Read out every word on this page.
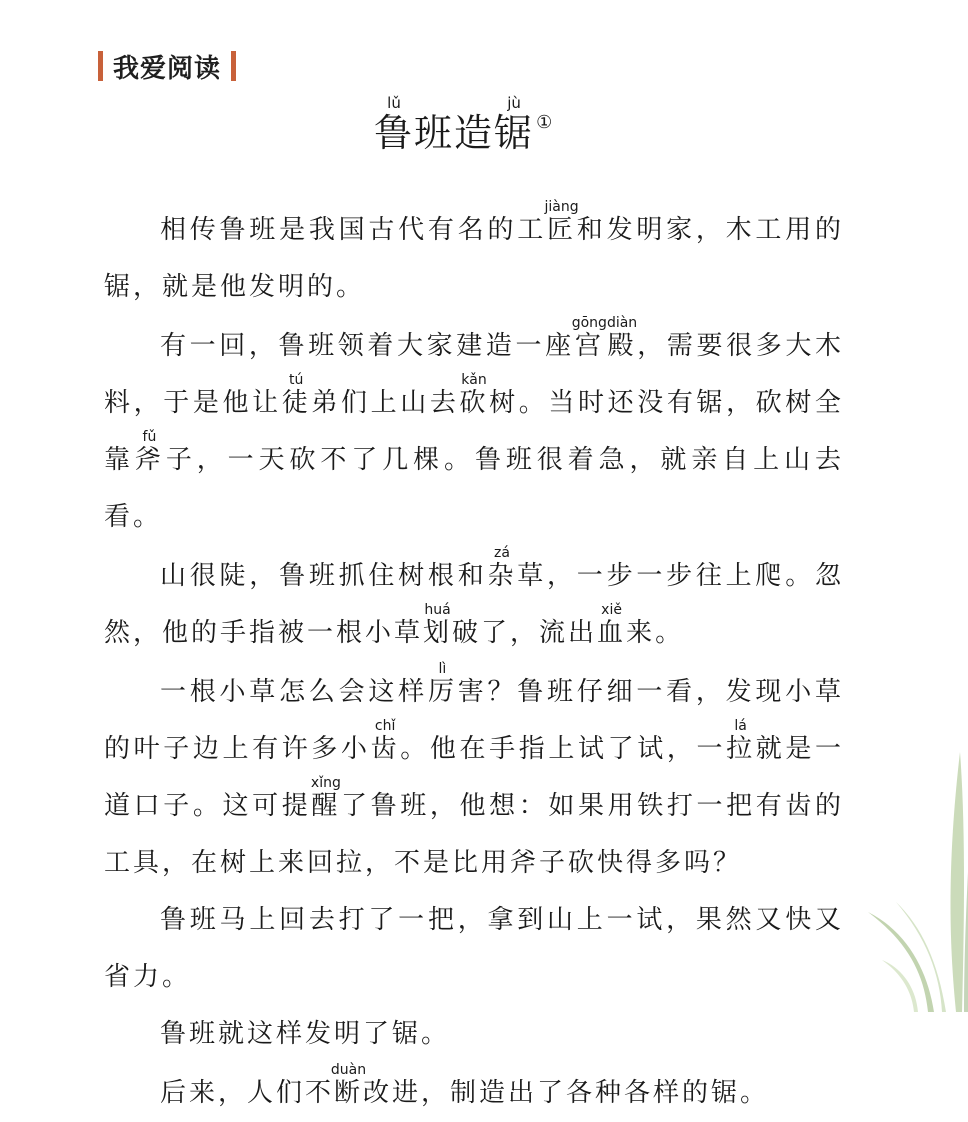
我爱阅读
鲁lǔ班造锯jù①

相传鲁班是我国古代有名的工匠jiàng和发明家，木工用的锯，就是他发明的。

有一回，鲁班领着大家建造一座宫gōng殿diàn，需要很多大木料，于是他让徒tú弟们上山去砍kǎn树。当时还没有锯，砍树全靠斧fǔ子，一天砍不了几棵。鲁班很着急，就亲自上山去看。

山很陡，鲁班抓住树根和杂zá草，一步一步往上爬。忽然，他的手指被一根小草划huá破了，流出血xiě来。

一根小草怎么会这样厉lì害？鲁班仔细一看，发现小草的叶子边上有许多小齿chǐ。他在手指上试了试，一拉lá就是一道口子。这可提醒xǐng了鲁班，他想：如果用铁打一把有齿的工具，在树上来回拉，不是比用斧子砍快得多吗？

鲁班马上回去打了一把，拿到山上一试，果然又快又省力。

鲁班就这样发明了锯。

后来，人们不断duàn改进，制造出了各种各样的锯。
